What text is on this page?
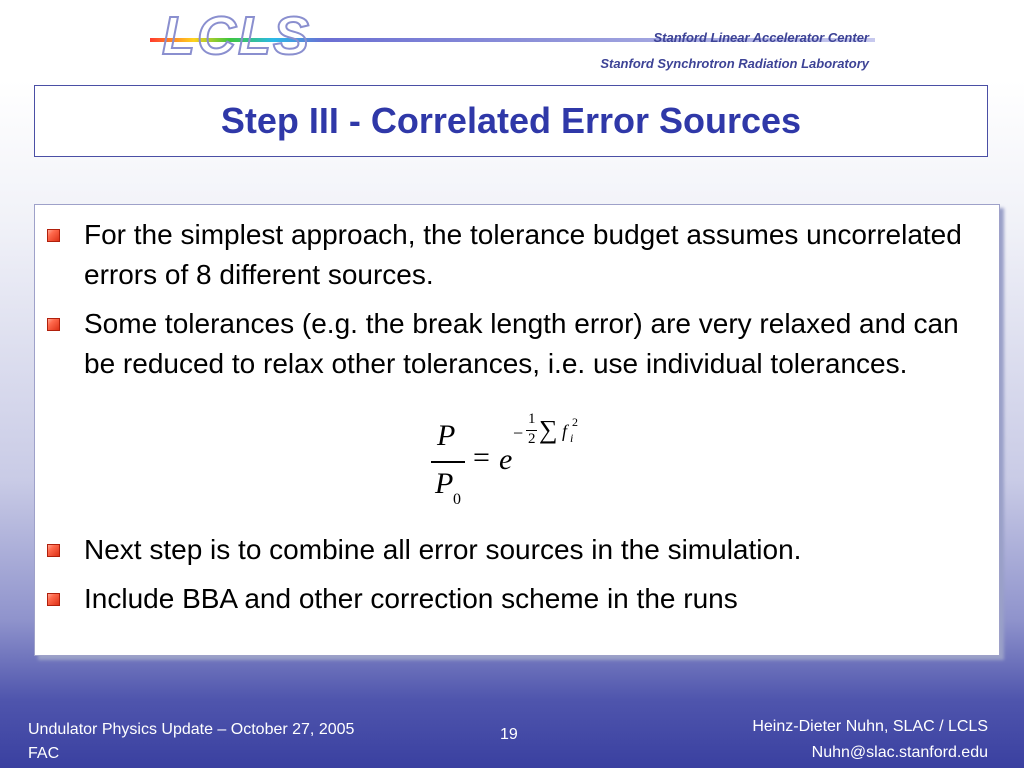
LCLS	Stanford Linear Accelerator Center
Stanford Synchrotron Radiation Laboratory
Step III - Correlated Error Sources
For the simplest approach, the tolerance budget assumes uncorrelated errors of 8 different sources.
Some tolerances (e.g. the break length error) are very relaxed and can be reduced to relax other tolerances, i.e. use individual tolerances.
P
P 0
= e
−
1
2 ∑ f i
2
Next step is to combine all error sources in the simulation.
Include BBA and other correction scheme in the runs
Undulator Physics Update – October 27, 2005
FAC
19	Heinz-Dieter Nuhn, SLAC / LCLS
Nuhn@slac.stanford.edu
